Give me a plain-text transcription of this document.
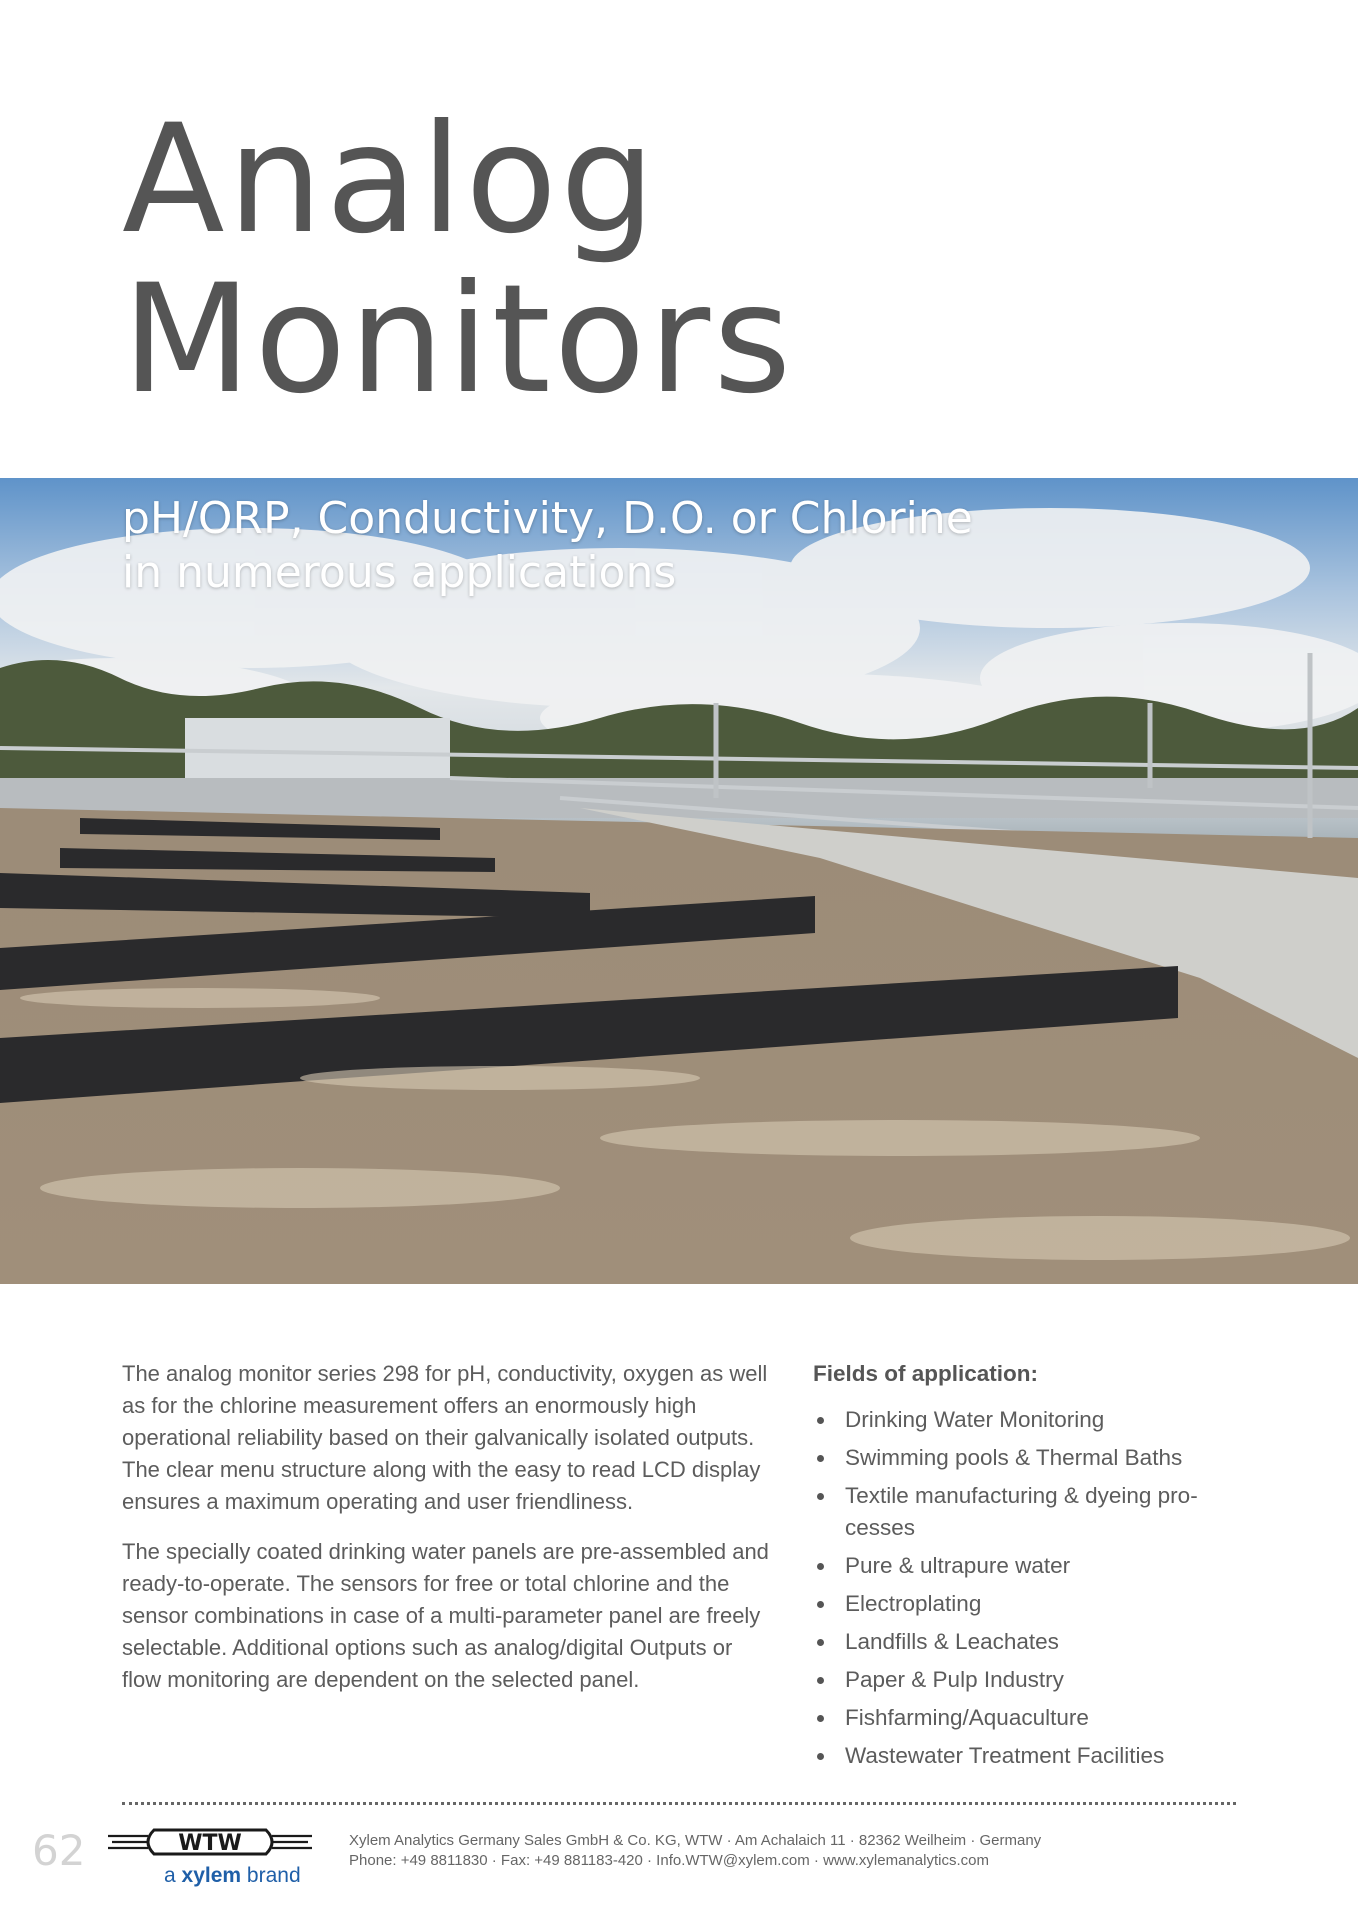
Analog
Monitors
pH/ORP, Conductivity, D.O. or Chlorine
in numerous applications

The analog monitor series 298 for pH, conductivity, oxygen as well as for the chlorine measurement offers an enormously high operational reliability based on their galvanically isolated outputs. The clear menu structure along with the easy to read LCD display ensures a maximum operating and user friendliness.

The specially coated drinking water panels are pre-assembled and ready-to-operate. The sensors for free or total chlorine and the sensor combinations in case of a multi-parameter panel are freely selectable. Additional options such as analog/digital Outputs or flow monitoring are dependent on the selected panel.

Fields of application:
Drinking Water Monitoring
Swimming pools & Thermal Baths
Textile manufacturing & dyeing pro-cesses
Pure & ultrapure water
Electroplating
Landfills & Leachates
Paper & Pulp Industry
Fishfarming/Aquaculture
Wastewater Treatment Facilities
62	WTW
a xylem brand
Xylem Analytics Germany Sales GmbH & Co. KG, WTW · Am Achalaich 11 · 82362 Weilheim · Germany
Phone: +49 8811830 · Fax: +49 881183-420 · Info.WTW@xylem.com · www.xylemanalytics.com
